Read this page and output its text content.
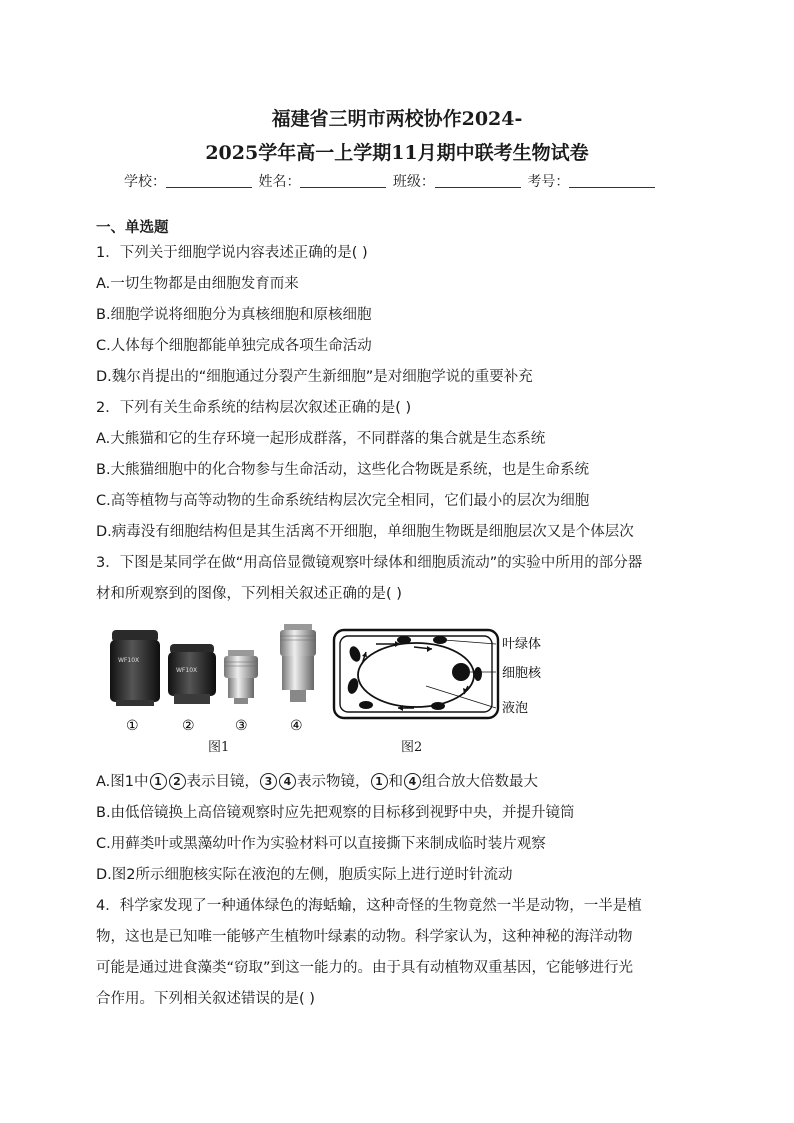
福建省三明市两校协作2024-
2025学年高一上学期11月期中联考生物试卷
学校：	姓名：	班级：	考号：
一、单选题
1．下列关于细胞学说内容表述正确的是( )
A.一切生物都是由细胞发育而来
B.细胞学说将细胞分为真核细胞和原核细胞
C.人体每个细胞都能单独完成各项生命活动
D.魏尔肖提出的“细胞通过分裂产生新细胞”是对细胞学说的重要补充
2．下列有关生命系统的结构层次叙述正确的是( )
A.大熊猫和它的生存环境一起形成群落，不同群落的集合就是生态系统
B.大熊猫细胞中的化合物参与生命活动，这些化合物既是系统，也是生命系统
C.高等植物与高等动物的生命系统结构层次完全相同，它们最小的层次为细胞
D.病毒没有细胞结构但是其生活离不开细胞，单细胞生物既是细胞层次又是个体层次
3．下图是某同学在做“用高倍显微镜观察叶绿体和细胞质流动”的实验中所用的部分器
材和所观察到的图像，下列相关叙述正确的是( )
WF10X
WF10X
①	②	③	④
叶绿体
细胞核
液泡
图1	图2
A.图1中 1 2 表示目镜， 3 4 表示物镜， 1 和 4 组合放大倍数最大
B.由低倍镜换上高倍镜观察时应先把观察的目标移到视野中央，并提升镜筒
C.用藓类叶或黑藻幼叶作为实验材料可以直接撕下来制成临时装片观察
D.图2所示细胞核实际在液泡的左侧，胞质实际上进行逆时针流动
4．科学家发现了一种通体绿色的海蛞蝓，这种奇怪的生物竟然一半是动物，一半是植
物，这也是已知唯一能够产生植物叶绿素的动物。科学家认为，这种神秘的海洋动物
可能是通过进食藻类“窃取”到这一能力的。由于具有动植物双重基因，它能够进行光
合作用。下列相关叙述错误的是( )
